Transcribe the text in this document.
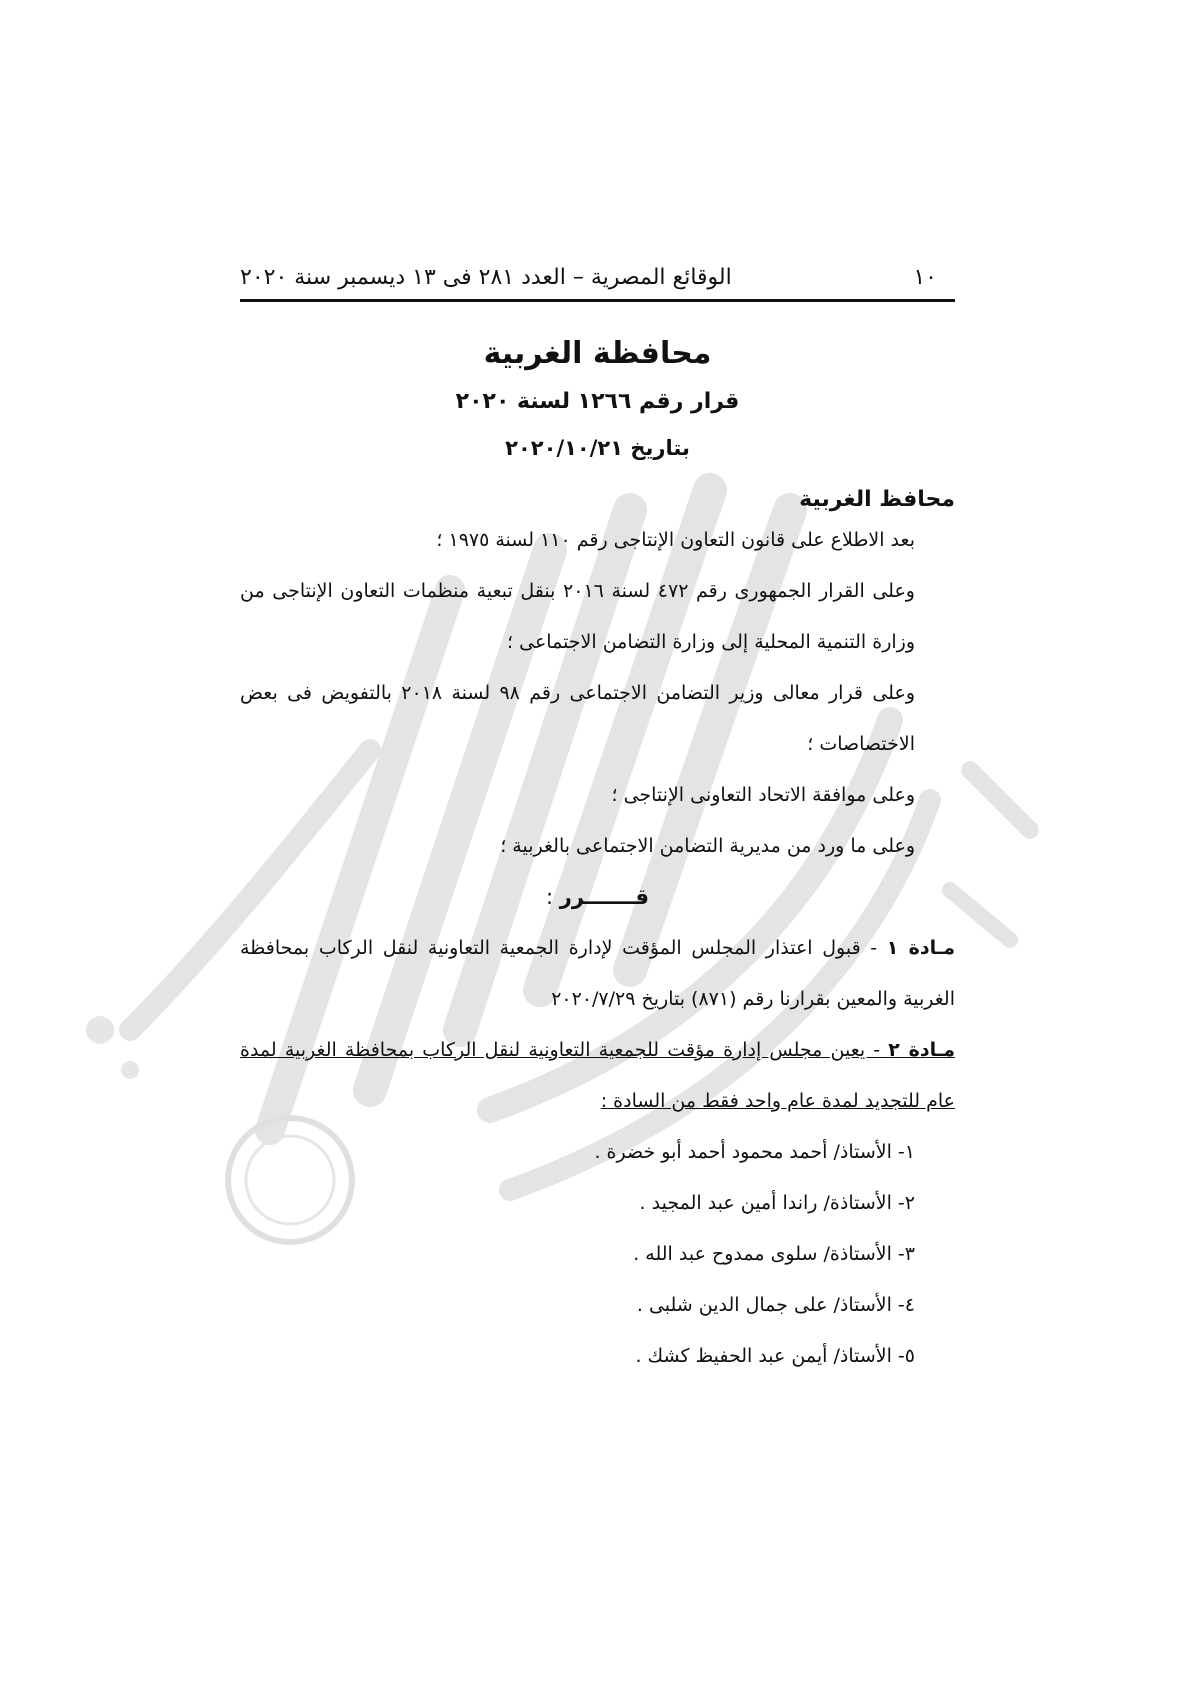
١٠
الوقائع المصرية – العدد ٢٨١ فى ١٣ ديسمبر سنة ٢٠٢٠
محافظة الغربية
قرار رقم ١٢٦٦ لسنة ٢٠٢٠
بتاريخ ٢٠٢٠/١٠/٢١
محافظ الغربية
بعد الاطلاع على قانون التعاون الإنتاجى رقم ١١٠ لسنة ١٩٧٥ ؛
وعلى القرار الجمهورى رقم ٤٧٢ لسنة ٢٠١٦ بنقل تبعية منظمات التعاون الإنتاجى من وزارة التنمية المحلية إلى وزارة التضامن الاجتماعى ؛
وعلى قرار معالى وزير التضامن الاجتماعى رقم ٩٨ لسنة ٢٠١٨ بالتفويض فى بعض الاختصاصات ؛
وعلى موافقة الاتحاد التعاونى الإنتاجى ؛
وعلى ما ورد من مديرية التضامن الاجتماعى بالغربية ؛
قـــــــرر :
مـادة ١ - قبول اعتذار المجلس المؤقت لإدارة الجمعية التعاونية لنقل الركاب بمحافظة الغربية والمعين بقرارنا رقم (٨٧١) بتاريخ ٢٠٢٠/٧/٢٩
مـادة ٢ - يعين مجلس إدارة مؤقت للجمعية التعاونية لنقل الركاب بمحافظة الغربية لمدة عام للتجديد لمدة عام واحد فقط من السادة :
١- الأستاذ/ أحمد محمود أحمد أبو خضرة .
٢- الأستاذة/ راندا أمين عبد المجيد .
٣- الأستاذة/ سلوى ممدوح عبد الله .
٤- الأستاذ/ على جمال الدين شلبى .
٥- الأستاذ/ أيمن عبد الحفيظ كشك .
